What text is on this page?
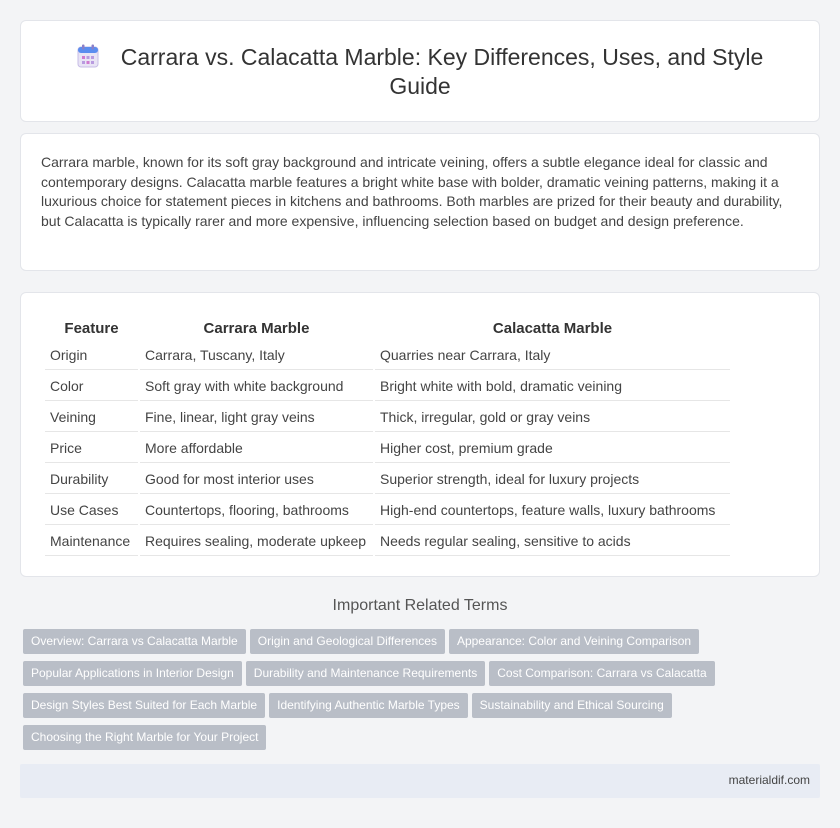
Carrara vs. Calacatta Marble: Key Differences, Uses, and Style Guide

Carrara marble, known for its soft gray background and intricate veining, offers a subtle elegance ideal for classic and contemporary designs. Calacatta marble features a bright white base with bolder, dramatic veining patterns, making it a luxurious choice for statement pieces in kitchens and bathrooms. Both marbles are prized for their beauty and durability, but Calacatta is typically rarer and more expensive, influencing selection based on budget and design preference.

Feature	Carrara Marble	Calacatta Marble
Origin	Carrara, Tuscany, Italy	Quarries near Carrara, Italy
Color	Soft gray with white background	Bright white with bold, dramatic veining
Veining	Fine, linear, light gray veins	Thick, irregular, gold or gray veins
Price	More affordable	Higher cost, premium grade
Durability	Good for most interior uses	Superior strength, ideal for luxury projects
Use Cases	Countertops, flooring, bathrooms	High-end countertops, feature walls, luxury bathrooms
Maintenance	Requires sealing, moderate upkeep	Needs regular sealing, sensitive to acids
Important Related Terms
Overview: Carrara vs Calacatta Marble Origin and Geological Differences Appearance: Color and Veining Comparison
Popular Applications in Interior Design Durability and Maintenance Requirements Cost Comparison: Carrara vs Calacatta
Design Styles Best Suited for Each Marble Identifying Authentic Marble Types Sustainability and Ethical Sourcing
Choosing the Right Marble for Your Project
materialdif.com
